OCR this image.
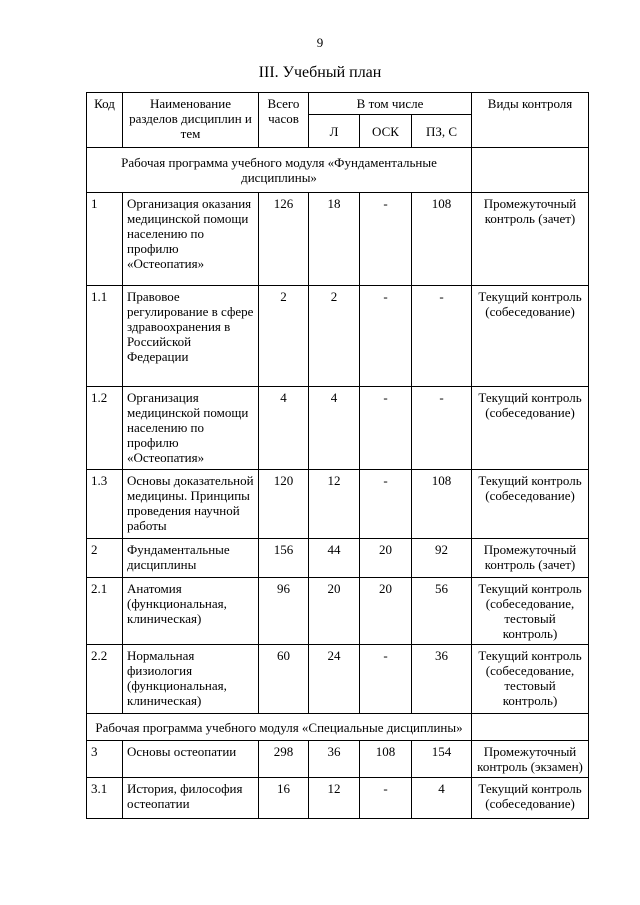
9
III. Учебный план
Код	Наименование разделов дисциплин и тем	Всего часов	В том числе			Виды контроля
			Л	ОСК	ПЗ, С	
Рабочая программа учебного модуля «Фундаментальные дисциплины»						
1	Организация оказания медицинской помощи населению по профилю «Остеопатия»	126	18	-	108	Промежуточный контроль (зачет)
1.1	Правовое регулирование в сфере здравоохранения в Российской Федерации	2	2	-	-	Текущий контроль (собеседование)
1.2	Организация медицинской помощи населению по профилю «Остеопатия»	4	4	-	-	Текущий контроль (собеседование)
1.3	Основы доказательной медицины. Принципы проведения научной работы	120	12	-	108	Текущий контроль (собеседование)
2	Фундаментальные дисциплины	156	44	20	92	Промежуточный контроль (зачет)
2.1	Анатомия (функциональная, клиническая)	96	20	20	56	Текущий контроль (собеседование, тестовый контроль)
2.2	Нормальная физиология (функциональная, клиническая)	60	24	-	36	Текущий контроль (собеседование, тестовый контроль)
Рабочая программа учебного модуля «Специальные дисциплины»						
3	Основы остеопатии	298	36	108	154	Промежуточный контроль (экзамен)
3.1	История, философия остеопатии	16	12	-	4	Текущий контроль (собеседование)
